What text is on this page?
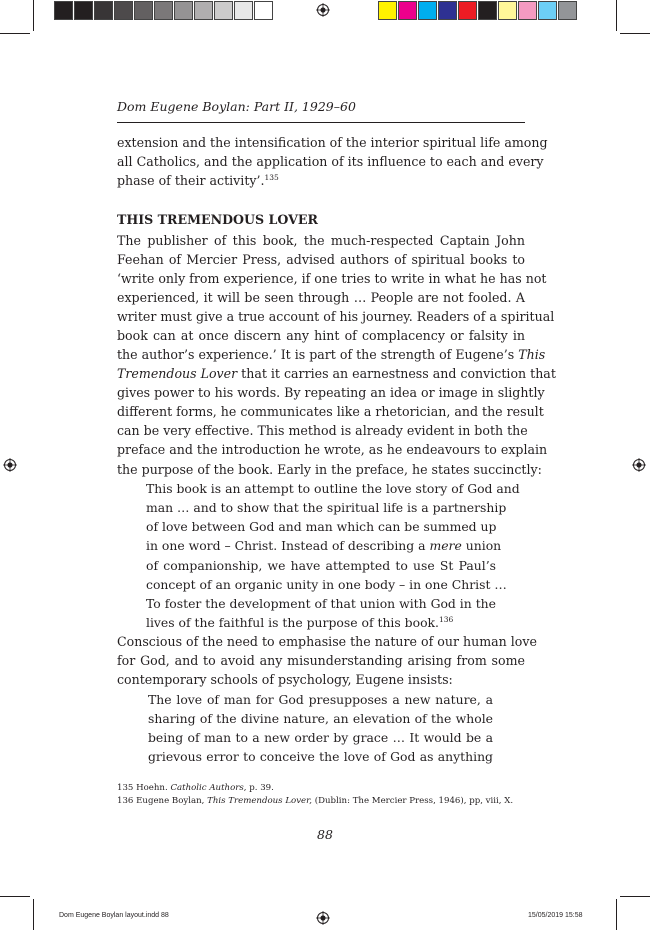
Dom Eugene Boylan: Part II, 1929–60
extension and the intensification of the interior spiritual life among
all Catholics, and the application of its influence to each and every
phase of their activity’.$^{135}$
THIS TREMENDOUS LOVER
The publisher of this book, the much-respected Captain John
Feehan of Mercier Press, advised authors of spiritual books to
‘write only from experience, if one tries to write in what he has not
experienced, it will be seen through … People are not fooled. A
writer must give a true account of his journey. Readers of a spiritual
book can at once discern any hint of complacency or falsity in
the author’s experience.’ It is part of the strength of Eugene’s This
Tremendous Lover that it carries an earnestness and conviction that
gives power to his words. By repeating an idea or image in slightly
different forms, he communicates like a rhetorician, and the result
can be very effective. This method is already evident in both the
preface and the introduction he wrote, as he endeavours to explain
the purpose of the book. Early in the preface, he states succinctly:
This book is an attempt to outline the love story of God and
man … and to show that the spiritual life is a partnership
of love between God and man which can be summed up
in one word – Christ. Instead of describing a mere union
of companionship, we have attempted to use St Paul’s
concept of an organic unity in one body – in one Christ …
To foster the development of that union with God in the
lives of the faithful is the purpose of this book.$^{136}$
Conscious of the need to emphasise the nature of our human love
for God, and to avoid any misunderstanding arising from some
contemporary schools of psychology, Eugene insists:
The love of man for God presupposes a new nature, a
sharing of the divine nature, an elevation of the whole
being of man to a new order by grace … It would be a
grievous error to conceive the love of God as anything
135 Hoehn. Catholic Authors, p. 39.
136 Eugene Boylan, This Tremendous Lover, (Dublin: The Mercier Press, 1946), pp, viii, X.
88
Dom Eugene Boylan layout.indd 88	15/05/2019 15:58
